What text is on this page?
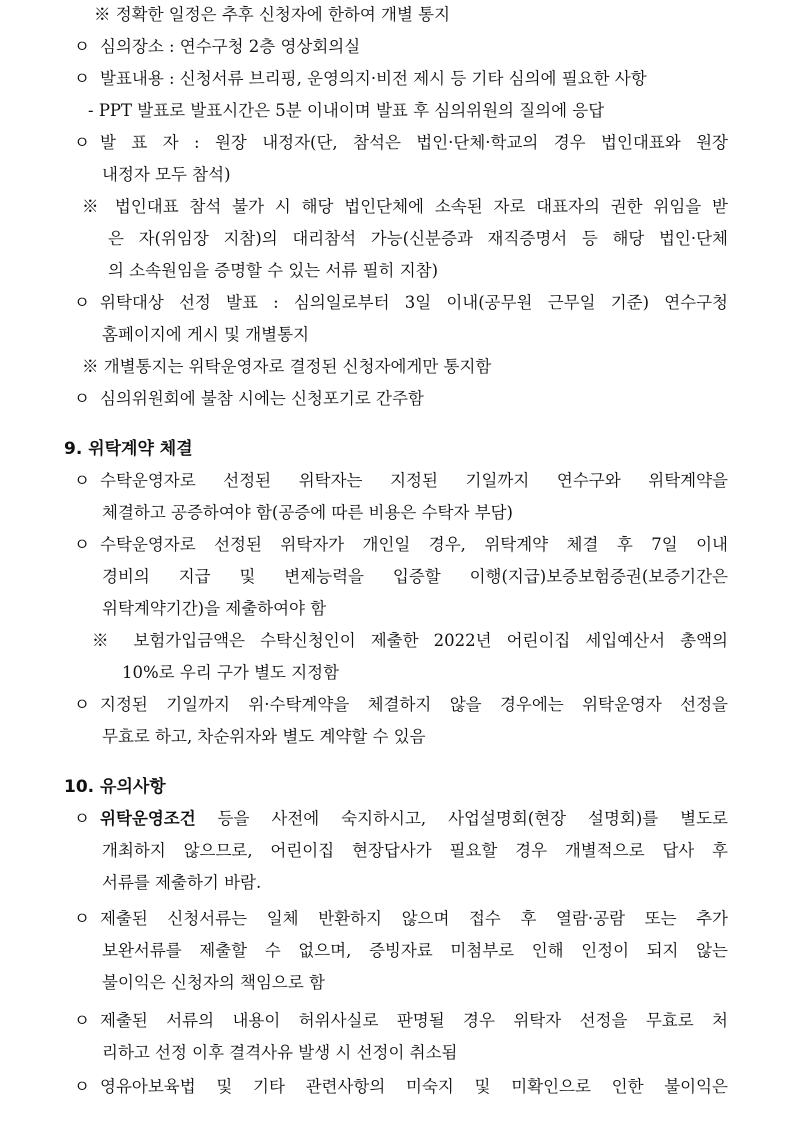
※ 정확한 일정은 추후 신청자에 한하여 개별 통지
ㅇ 심의장소 : 연수구청 2층 영상회의실
ㅇ 발표내용 : 신청서류 브리핑, 운영의지·비전 제시 등 기타 심의에 필요한 사항
- PPT 발표로 발표시간은 5분 이내이며 발표 후 심의위원의 질의에 응답
ㅇ 발 표 자 : 원장 내정자(단, 참석은 법인·단체·학교의 경우 법인대표와 원장
내정자 모두 참석)
※ 법인대표 참석 불가 시 해당 법인단체에 소속된 자로 대표자의 권한 위임을 받
은 자(위임장 지참)의 대리참석 가능(신분증과 재직증명서 등 해당 법인·단체
의 소속원임을 증명할 수 있는 서류 필히 지참)
ㅇ 위탁대상 선정 발표 : 심의일로부터 3일 이내(공무원 근무일 기준) 연수구청
홈페이지에 게시 및 개별통지
※ 개별통지는 위탁운영자로 결정된 신청자에게만 통지함
ㅇ 심의위원회에 불참 시에는 신청포기로 간주함
9. 위탁계약 체결
ㅇ 수탁운영자로 선정된 위탁자는 지정된 기일까지 연수구와 위탁계약을
체결하고 공증하여야 함(공증에 따른 비용은 수탁자 부담)
ㅇ 수탁운영자로 선정된 위탁자가 개인일 경우, 위탁계약 체결 후 7일 이내
경비의 지급 및 변제능력을 입증할 이행(지급)보증보험증권(보증기간은
위탁계약기간)을 제출하여야 함
※ 보험가입금액은 수탁신청인이 제출한 2022년 어린이집 세입예산서 총액의
10%로 우리 구가 별도 지정함
ㅇ 지정된 기일까지 위·수탁계약을 체결하지 않을 경우에는 위탁운영자 선정을
무효로 하고, 차순위자와 별도 계약할 수 있음
10. 유의사항
ㅇ 위탁운영조건 등을 사전에 숙지하시고, 사업설명회(현장 설명회)를 별도로
개최하지 않으므로, 어린이집 현장답사가 필요할 경우 개별적으로 답사 후
서류를 제출하기 바람.
ㅇ 제출된 신청서류는 일체 반환하지 않으며 접수 후 열람·공람 또는 추가
보완서류를 제출할 수 없으며, 증빙자료 미첨부로 인해 인정이 되지 않는
불이익은 신청자의 책임으로 함
ㅇ 제출된 서류의 내용이 허위사실로 판명될 경우 위탁자 선정을 무효로 처
리하고 선정 이후 결격사유 발생 시 선정이 취소됨
ㅇ 영유아보육법 및 기타 관련사항의 미숙지 및 미확인으로 인한 불이익은
